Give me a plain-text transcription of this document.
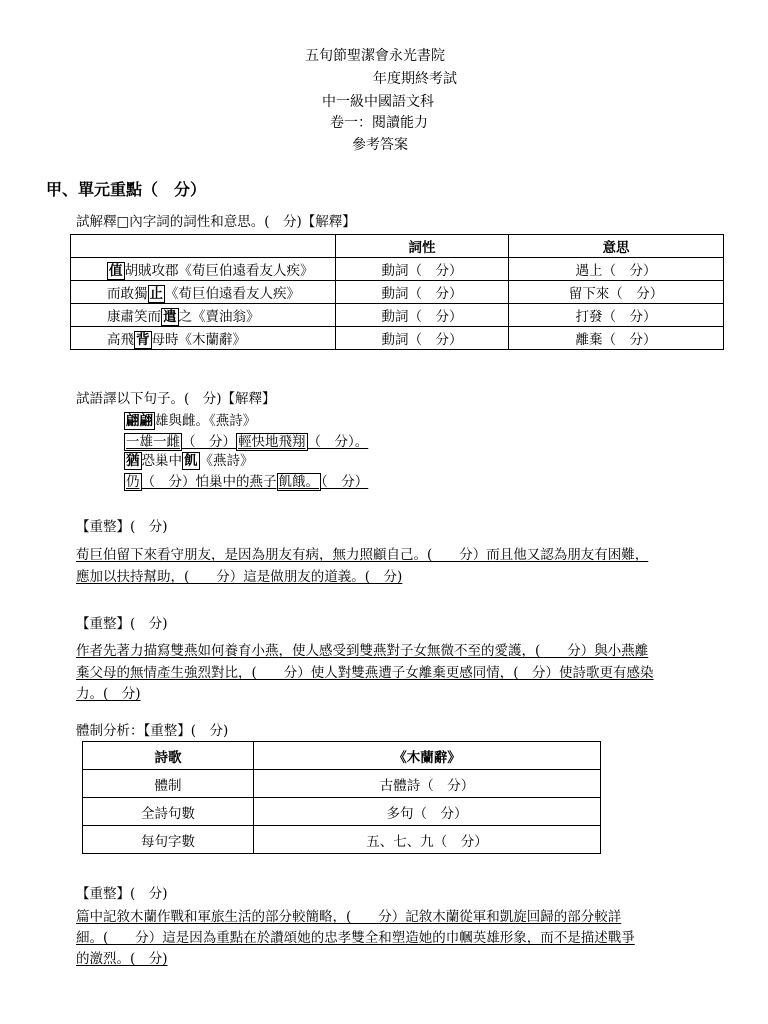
五旬節聖潔會永光書院
年度期終考試
中一級中國語文科
卷一：閱讀能力
參考答案
甲、單元重點（　分）
試解釋□內字詞的詞性和意思。(　分)【解釋】
	詞性	意思
值 胡賊攻郡《荀巨伯遠看友人疾》	動詞（　分）	遇上（　分）
而敢獨 止 《荀巨伯遠看友人疾》	動詞（　分）	留下來（　分）
康肅笑而 遣 之《賣油翁》	動詞（　分）	打發（　分）
高飛 背 母時《木蘭辭》	動詞（　分）	離棄（　分）
試語譯以下句子。(　分)【解釋】
翩翩 雄與雌。《燕詩》
一雄一雌 （　分） 輕快地飛翔 （　分）。
猶 恐巢中 飢 《燕詩》
仍 （　分）怕巢中的燕子 飢餓。 （　分）
【重整】(　分)
荀巨伯留下來看守朋友，是因為朋友有病，無力照顧自己。(　　分）而且他又認為朋友有困難，
應加以扶持幫助，(　　分）這是做朋友的道義。(　分)
【重整】(　分)
作者先著力描寫雙燕如何養育小燕，使人感受到雙燕對子女無微不至的愛護，(　　分）與小燕離
棄父母的無情產生強烈對比，(　　分）使人對雙燕遭子女離棄更感同情，(　分）使詩歌更有感染
力。(　分)
體制分析：【重整】(　分)
詩歌	《木蘭辭》
體制	古體詩（　分）
全詩句數	多句（　分）
每句字數	五、七、九（　分）
【重整】(　分)
篇中記敘木蘭作戰和軍旅生活的部分較簡略，(　　分）記敘木蘭從軍和凱旋回歸的部分較詳
細。(　　分）這是因為重點在於讚頌她的忠孝雙全和塑造她的巾幗英雄形象，而不是描述戰爭
的激烈。(　分)
